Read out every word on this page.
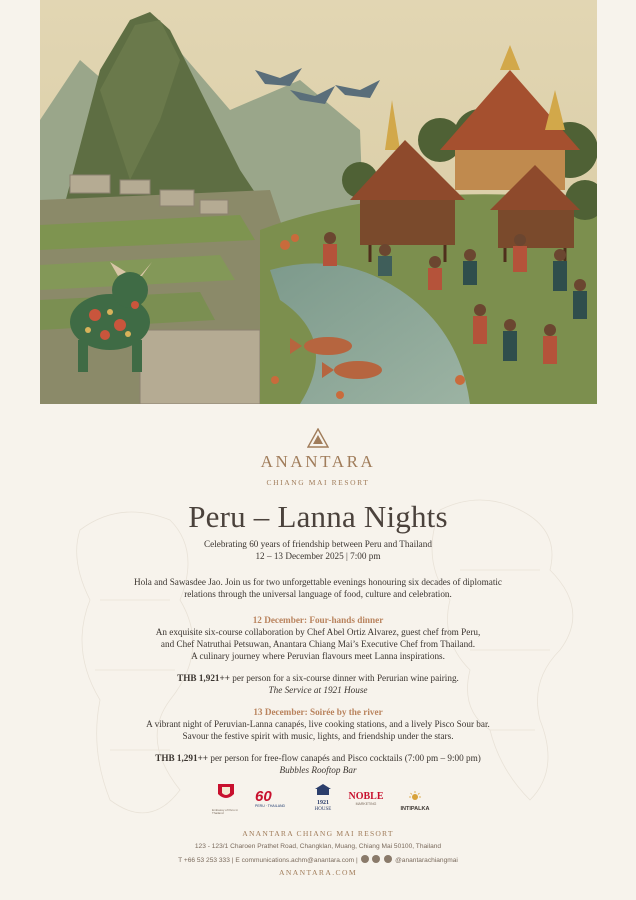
ANANTARA
CHIANG MAI RESORT
Peru – Lanna Nights
Celebrating 60 years of friendship between Peru and Thailand
12 – 13 December 2025 | 7:00 pm
Hola and Sawasdee Jao. Join us for two unforgettable evenings honouring six decades of diplomatic
relations through the universal language of food, culture and celebration.
12 December: Four-hands dinner
An exquisite six-course collaboration by Chef Abel Ortiz Alvarez, guest chef from Peru,
and Chef Natruthai Petsuwan, Anantara Chiang Mai’s Executive Chef from Thailand.
A culinary journey where Peruvian flavours meet Lanna inspirations.
THB 1,921++ per person for a six-course dinner with Perurian wine pairing.
The Service at 1921 House
13 December: Soirée by the river
A vibrant night of Peruvian-Lanna canapés, live cooking stations, and a lively Pisco Sour bar.
Savour the festive spirit with music, lights, and friendship under the stars.
THB 1,291++ per person for free-flow canapés and Pisco cocktails (7:00 pm – 9:00 pm)
Bubbles Rooftop Bar
Embassy of Peru in Thailand
60
PERU · THAILAND	1921
HOUSE
NOBLE
MARKETING
INTIPALKA
ANANTARA CHIANG MAI RESORT
123 - 123/1 Charoen Prathet Road, Changklan, Muang, Chiang Mai 50100, Thailand
T +66 53 253 333 | E communications.achm@anantara.com |	@anantarachiangmai
ANANTARA.COM
